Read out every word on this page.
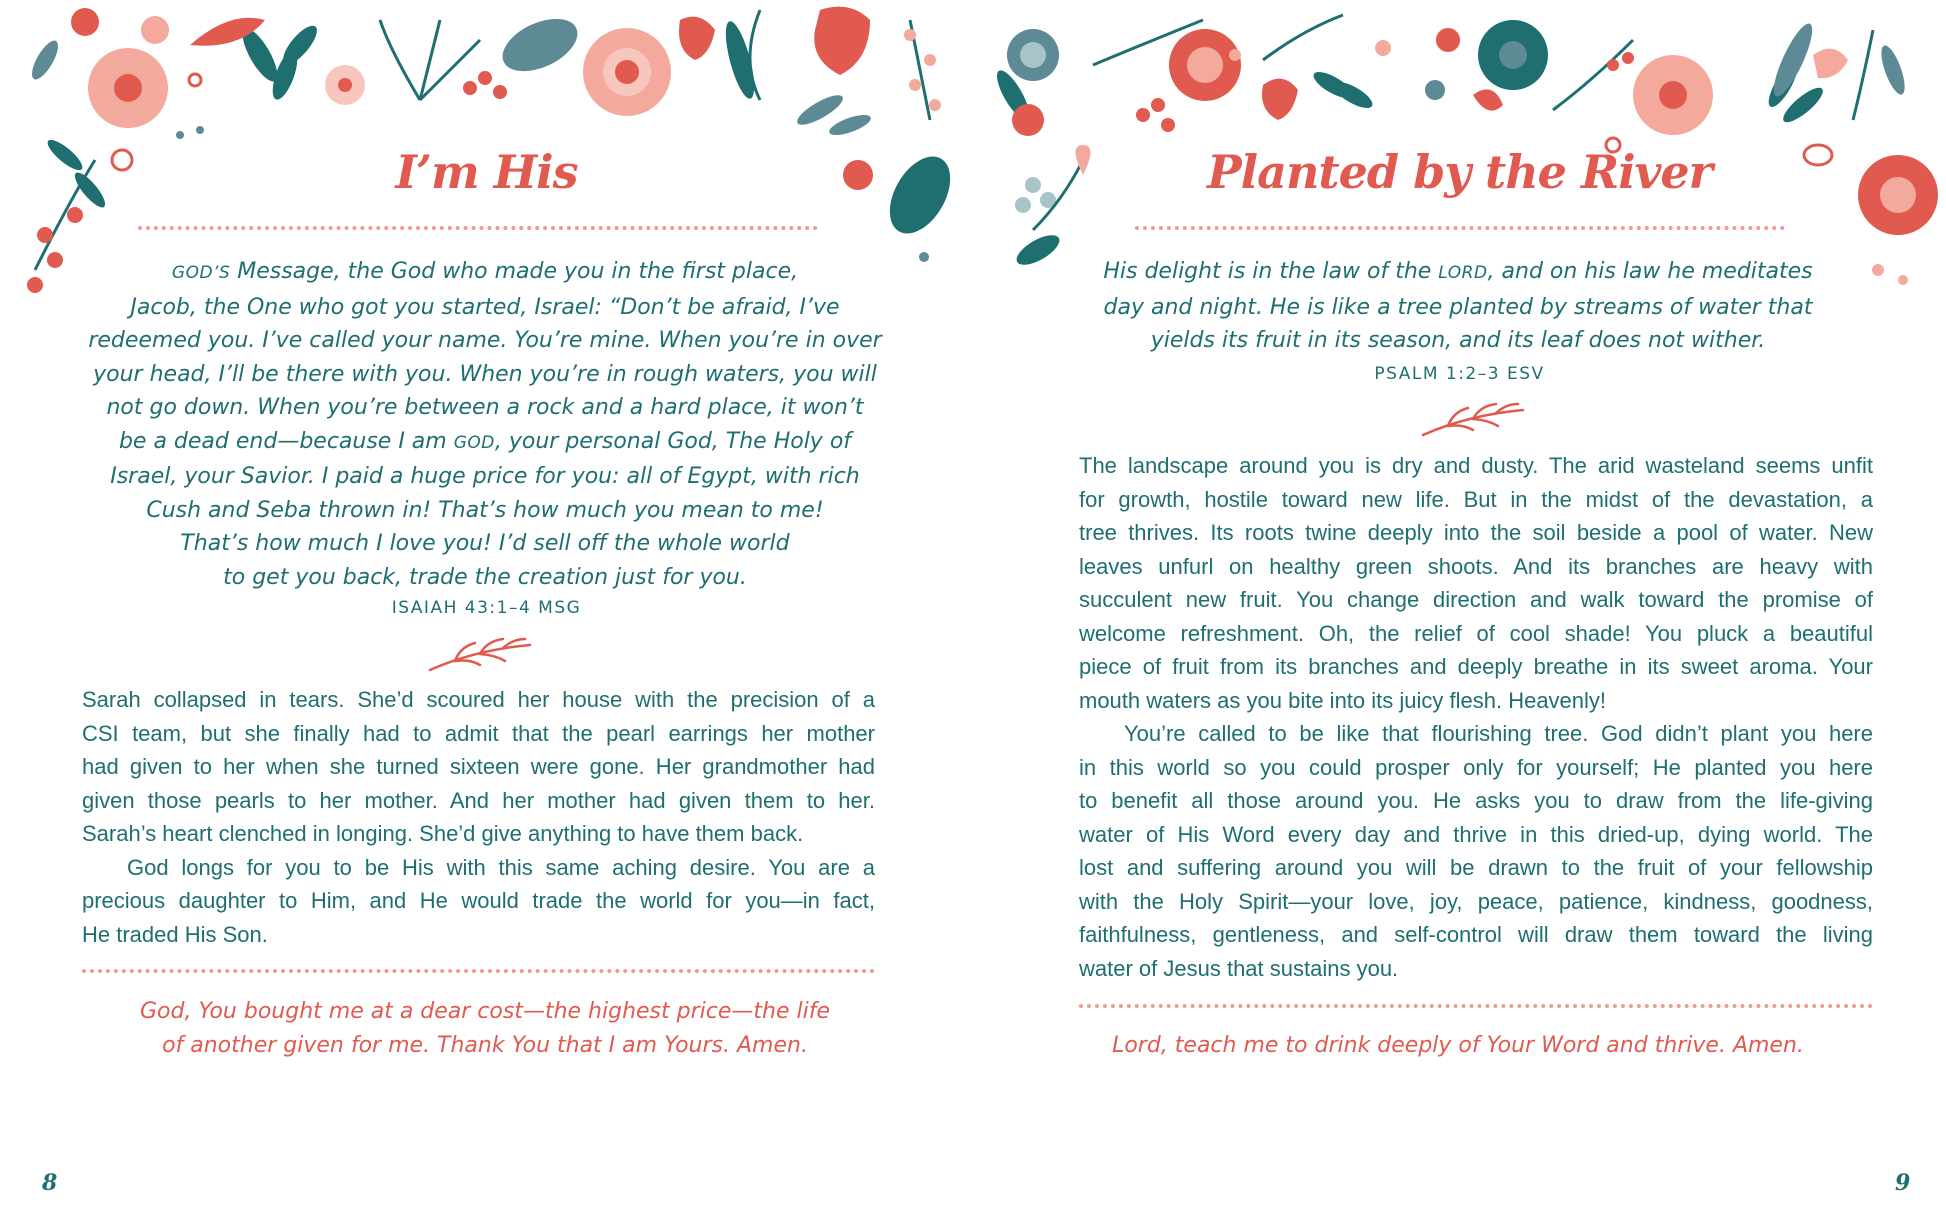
I’m His
GOD’S Message, the God who made you in the first place,
Jacob, the One who got you started, Israel: “Don’t be afraid, I’ve
redeemed you. I’ve called your name. You’re mine. When you’re in over
your head, I’ll be there with you. When you’re in rough waters, you will
not go down. When you’re between a rock and a hard place, it won’t
be a dead end—because I am GOD, your personal God, The Holy of
Israel, your Savior. I paid a huge price for you: all of Egypt, with rich
Cush and Seba thrown in! That’s how much you mean to me!
That’s how much I love you! I’d sell off the whole world
to get you back, trade the creation just for you.
ISAIAH 43:1–4 MSG
Sarah collapsed in tears. She’d scoured her house with the precision of a
CSI team, but she finally had to admit that the pearl earrings her mother
had given to her when she turned sixteen were gone. Her grandmother had
given those pearls to her mother. And her mother had given them to her.
Sarah’s heart clenched in longing. She’d give anything to have them back.
God longs for you to be His with this same aching desire. You are a
precious daughter to Him, and He would trade the world for you—in fact,
He traded His Son.
God, You bought me at a dear cost—the highest price—the life
of another given for me. Thank You that I am Yours. Amen.
8
Planted by the River
His delight is in the law of the LORD, and on his law he meditates
day and night. He is like a tree planted by streams of water that
yields its fruit in its season, and its leaf does not wither.
PSALM 1:2–3 ESV
The landscape around you is dry and dusty. The arid wasteland seems unfit
for growth, hostile toward new life. But in the midst of the devastation, a
tree thrives. Its roots twine deeply into the soil beside a pool of water. New
leaves unfurl on healthy green shoots. And its branches are heavy with
succulent new fruit. You change direction and walk toward the promise of
welcome refreshment. Oh, the relief of cool shade! You pluck a beautiful
piece of fruit from its branches and deeply breathe in its sweet aroma. Your
mouth waters as you bite into its juicy flesh. Heavenly!
You’re called to be like that flourishing tree. God didn’t plant you here
in this world so you could prosper only for yourself; He planted you here
to benefit all those around you. He asks you to draw from the life-giving
water of His Word every day and thrive in this dried-up, dying world. The
lost and suffering around you will be drawn to the fruit of your fellowship
with the Holy Spirit—your love, joy, peace, patience, kindness, goodness,
faithfulness, gentleness, and self-control will draw them toward the living
water of Jesus that sustains you.
Lord, teach me to drink deeply of Your Word and thrive. Amen.
9
